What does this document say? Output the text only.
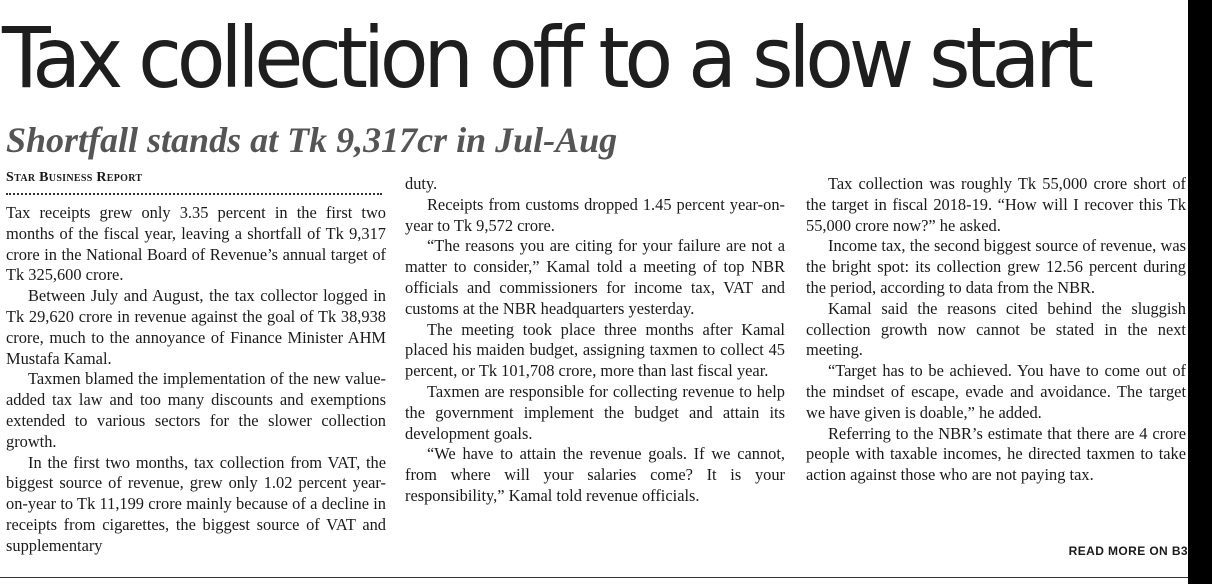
Tax collection off to a slow start
Shortfall stands at Tk 9,317cr in Jul-Aug
Star Business Report

Tax receipts grew only 3.35 percent in the first two months of the fiscal year, leaving a shortfall of Tk 9,317 crore in the National Board of Revenue’s annual target of Tk 325,600 crore.

Between July and August, the tax collector logged in Tk 29,620 crore in revenue against the goal of Tk 38,938 crore, much to the annoyance of Finance Minister AHM Mustafa Kamal.

Taxmen blamed the implementation of the new value-added tax law and too many discounts and exemptions extended to various sectors for the slower collection growth.

In the first two months, tax collection from VAT, the biggest source of revenue, grew only 1.02 percent year-on-year to Tk 11,199 crore mainly because of a decline in receipts from cigarettes, the biggest source of VAT and supplementary

duty.

Receipts from customs dropped 1.45 percent year-on-year to Tk 9,572 crore.

“The reasons you are citing for your failure are not a matter to consider,” Kamal told a meeting of top NBR officials and commissioners for income tax, VAT and customs at the NBR headquarters yesterday.

The meeting took place three months after Kamal placed his maiden budget, assigning taxmen to collect 45 percent, or Tk 101,708 crore, more than last fiscal year.

Taxmen are responsible for collecting revenue to help the government implement the budget and attain its development goals.

“We have to attain the revenue goals. If we cannot, from where will your salaries come? It is your responsibility,” Kamal told revenue officials.

Tax collection was roughly Tk 55,000 crore short of the target in fiscal 2018-19. “How will I recover this Tk 55,000 crore now?” he asked.

Income tax, the second biggest source of revenue, was the bright spot: its collection grew 12.56 percent during the period, according to data from the NBR.

Kamal said the reasons cited behind the sluggish collection growth now cannot be stated in the next meeting.

“Target has to be achieved. You have to come out of the mindset of escape, evade and avoidance. The target we have given is doable,” he added.

Referring to the NBR’s estimate that there are 4 crore people with taxable incomes, he directed taxmen to take action against those who are not paying tax.

READ MORE ON B3
